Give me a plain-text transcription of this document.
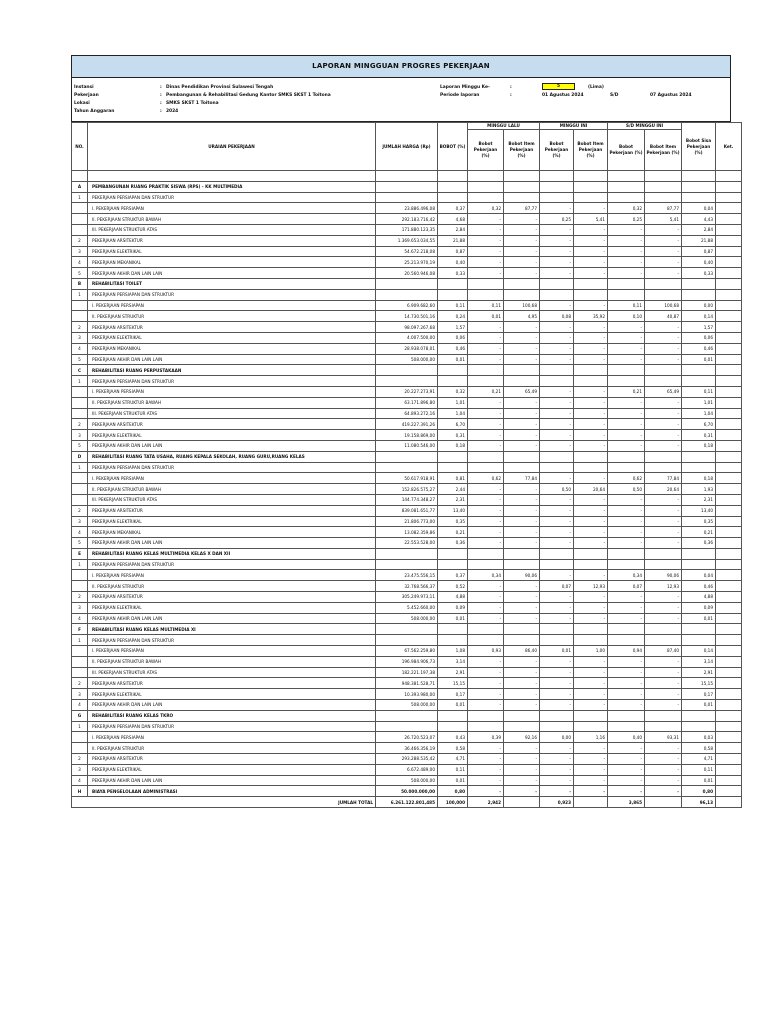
LAPORAN MINGGUAN PROGRES PEKERJAAN
Instansi	: Dinas Pendidikan Provinsi Sulawesi Tengah
Pekerjaan	: Pembangunan & Rehabilitasi Gedung Kantor SMKS SKST 1 Toitona
Lokasi	: SMKS SKST 1 Toitona
Tahun Anggaran	: 2024
Laporan Minggu Ke-	:	5	(Lima)
Periode laporan	:	01 Agustus 2024	S/D	07 Agustus 2024
NO.	URAIAN PEKERJAAN	JUMLAH HARGA (Rp)	BOBOT (%)	MINGGU LALU		MINGGU INI		S/D MINGGU INI		Bobot Sisa Pekerjaan (%)	Ket.
				Bobot Pekerjaan (%)	Bobot Item Pekerjaan (%)	Bobot Pekerjaan (%)	Bobot Item Pekerjaan (%)	Bobot Pekerjaan (%)	Bobot Item Pekerjaan (%)		

A	PEMBANGUNAN RUANG PRAKTIK SISWA (RPS) - KK MULTIMEDIA										
1	PEKERJAAN PERSIAPAN DAN STRUKTUR										
	I. PEKERJAAN PERSIAPAN	23.886.496,08	0,37	0,32	87,77	-	-	0,32	87,77	0,04	
	II. PEKERJAAN STRUKTUR BAWAH	292.183.716,42	4,68	-	-	0,25	5,41	0,25	5,41	4,43	
	III. PEKERJAAN STRUKTUR ATAS	171.880.123,35	2,84	-	-	-	-	-	-	2,84	
2	PEKERJAAN ARSITEKTUR	1.369.653.034,55	21,88	-	-	-	-	-	-	21,88	
3	PEKERJAAN ELEKTRIKAL	54.672.218,08	0,87	-	-	-	-	-	-	0,87	
4	PEKERJAAN MEKANIKAL	25.213.970,19	0,40	-	-	-	-	-	-	0,40	
5	PEKERJAAN AKHIR DAN LAIN LAIN	20.560.946,08	0,33	-	-	-	-	-	-	0,33	
B	REHABILITASI TOILET										
1	PEKERJAAN PERSIAPAN DAN STRUKTUR										
	I. PEKERJAAN PERSIAPAN	6.909.682,60	0,11	0,11	100,68	-	-	0,11	100,68	0,00	
	II. PEKERJAAN STRUKTUR	14.730.501,16	0,24	0,01	4,95	0,08	35,92	0,10	40,87	0,14	
2	PEKERJAAN ARSITEKTUR	98.097.267,68	1,57	-	-	-	-	-	-	1,57	
3	PEKERJAAN ELEKTRIKAL	4.007.500,00	0,06	-	-	-	-	-	-	0,06	
4	PEKERJAAN MEKANIKAL	28.938.078,01	0,46	-	-	-	-	-	-	0,46	
5	PEKERJAAN AKHIR DAN LAIN LAIN	508.000,00	0,01	-	-	-	-	-	-	0,01	
C	REHABILITASI RUANG PERPUSTAKAAN										
1	PEKERJAAN PERSIAPAN DAN STRUKTUR										
	I. PEKERJAAN PERSIAPAN	20.227.273,91	0,32	0,21	65,49	-	-	0,21	65,49	0,11	
	II. PEKERJAAN STRUKTUR BAWAH	63.171.896,80	1,01	-	-	-	-	-	-	1,01	
	III. PEKERJAAN STRUKTUR ATAS	64.893.272,16	1,04	-	-	-	-	-	-	1,04	
2	PEKERJAAN ARSITEKTUR	419.227.391,26	6,70	-	-	-	-	-	-	6,70	
3	PEKERJAAN ELEKTRIKAL	19.158.869,00	0,31	-	-	-	-	-	-	0,31	
5	PEKERJAAN AKHIR DAN LAIN LAIN	11.080.546,00	0,18	-	-	-	-	-	-	0,18	
D	REHABILITASI RUANG TATA USAHA, RUANG KEPALA SEKOLAH, RUANG GURU,RUANG KELAS										
1	PEKERJAAN PERSIAPAN DAN STRUKTUR										
	I. PEKERJAAN PERSIAPAN	50.617.918,91	0,81	0,62	77,84	-	-	0,62	77,84	0,18	
	II. PEKERJAAN STRUKTUR BAWAH	152.826.575,27	2,44	-	-	0,50	20,64	0,50	20,64	1,93	
	III. PEKERJAAN STRUKTUR ATAS	144.774.348,27	2,31	-	-	-	-	-	-	2,31	
2	PEKERJAAN ARSITEKTUR	839.081.651,77	13,40	-	-	-	-	-	-	13,40	
3	PEKERJAAN ELEKTRIKAL	21.806.773,00	0,35	-	-	-	-	-	-	0,35	
4	PEKERJAAN MEKANIKAL	13.082.359,86	0,21	-	-	-	-	-	-	0,21	
5	PEKERJAAN AKHIR DAN LAIN LAIN	22.553.528,00	0,36	-	-	-	-	-	-	0,36	
E	REHABILITASI RUANG KELAS MULTIMEDIA KELAS X DAN XII										
1	PEKERJAAN PERSIAPAN DAN STRUKTUR										
	I. PEKERJAAN PERSIAPAN	23.475.556,15	0,37	0,34	90,06	-	-	0,34	90,06	0,04	
	II. PEKERJAAN STRUKTUR	32.768.566,37	0,52	-	-	0,07	12,93	0,07	12,93	0,46	
2	PEKERJAAN ARSITEKTUR	305.249.973,11	4,88	-	-	-	-	-	-	4,88	
3	PEKERJAAN ELEKTRIKAL	5.452.660,00	0,09	-	-	-	-	-	-	0,09	
4	PEKERJAAN AKHIR DAN LAIN LAIN	508.000,00	0,01	-	-	-	-	-	-	0,01	
F	REHABILITASI RUANG KELAS MULTIMEDIA XI										
1	PEKERJAAN PERSIAPAN DAN STRUKTUR										
	I. PEKERJAAN PERSIAPAN	67.562.259,80	1,08	0,93	86,40	0,01	1,00	0,94	87,40	0,14	
	II. PEKERJAAN STRUKTUR BAWAH	196.984.906,73	3,14	-	-	-	-	-	-	3,14	
	III. PEKERJAAN STRUKTUR ATAS	182.221.197,38	2,91	-	-	-	-	-	-	2,91	
2	PEKERJAAN ARSITEKTUR	948.381.528,71	15,15	-	-	-	-	-	-	15,15	
3	PEKERJAAN ELEKTRIKAL	10.393.980,00	0,17	-	-	-	-	-	-	0,17	
4	PEKERJAAN AKHIR DAN LAIN LAIN	508.000,00	0,01	-	-	-	-	-	-	0,01	
G	REHABILITASI RUANG KELAS TKRO										
1	PEKERJAAN PERSIAPAN DAN STRUKTUR										
	I. PEKERJAAN PERSIAPAN	26.720.523,07	0,43	0,39	92,16	0,00	1,16	0,40	93,31	0,03	
	II. PEKERJAAN STRUKTUR	36.466.356,19	0,58	-	-	-	-	-	-	0,58	
2	PEKERJAAN ARSITEKTUR	293.288.535,42	4,71	-	-	-	-	-	-	4,71	
3	PEKERJAAN ELEKTRIKAL	6.672.489,00	0,11	-	-	-	-	-	-	0,11	
4	PEKERJAAN AKHIR DAN LAIN LAIN	508.000,00	0,01	-	-	-	-	-	-	0,01	
H	BIAYA PENGELOLAAN ADMINISTRASI	50.000.000,00	0,80	-	-	-	-	-	-	0,80	
JUMLAH TOTAL		6.261.122.801,485	100,000	2,942		0,923		3,865		96,13	
